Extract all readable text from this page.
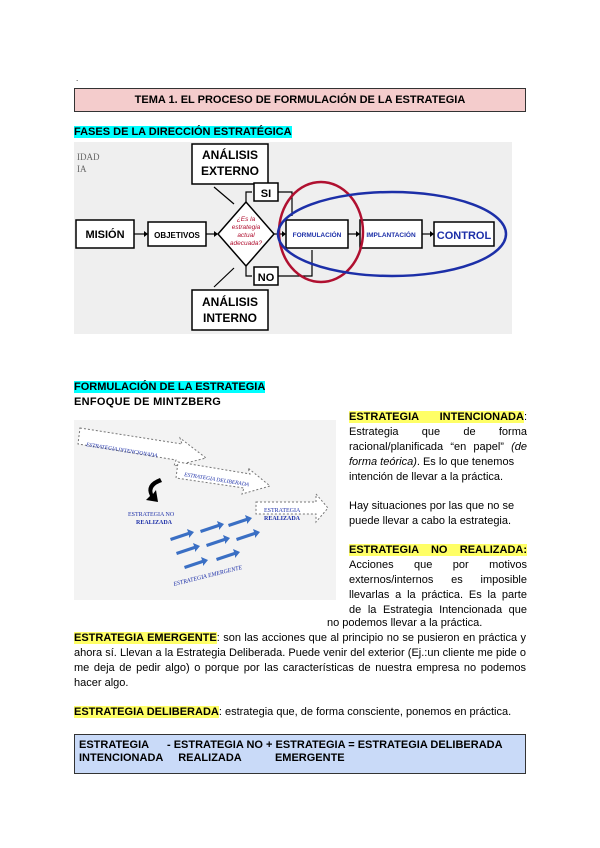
.
TEMA 1. EL PROCESO DE FORMULACIÓN DE LA ESTRATEGIA
FASES DE LA DIRECCIÓN ESTRATÉGICA
IDAD
IA
ANÁLISIS
EXTERNO
ANÁLISIS
INTERNO
MISIÓN	OBJETIVOS
¿Es la
estrategia
actual
adecuada?
SI
NO
FORMULACIÓN	IMPLANTACIÓN CONTROL
FORMULACIÓN DE LA ESTRATEGIA
ENFOQUE DE MINTZBERG
ESTRATEGIA INTENCIONADA
ESTRATEGIA DELIBERADA
ESTRATEGIA NO
REALIZADA
ESTRATEGIA
REALIZADA
ESTRATEGIA EMERGENTE
ESTRATEGIA INTENCIONADA:
Estrategia que de forma
racional/planificada “en papel” (de
forma teórica). Es lo que tenemos
intención de llevar a la práctica.
Hay situaciones por las que no se
puede llevar a cabo la estrategia.
ESTRATEGIA NO REALIZADA:
Acciones que por motivos
externos/internos es imposible
llevarlas a la práctica. Es la parte
de la Estrategia Intencionada que
no podemos llevar a la práctica.
ESTRATEGIA EMERGENTE: son las acciones que al principio no se pusieron en práctica y ahora sí. Llevan a la Estrategia Deliberada. Puede venir del exterior (Ej.:un cliente me pide o me deja de pedir algo) o porque por las características de nuestra empresa no podemos hacer algo.
ESTRATEGIA DELIBERADA: estrategia que, de forma consciente, ponemos en práctica.
ESTRATEGIA      - ESTRATEGIA NO + ESTRATEGIA = ESTRATEGIA DELIBERADA
INTENCIONADA     REALIZADA           EMERGENTE
